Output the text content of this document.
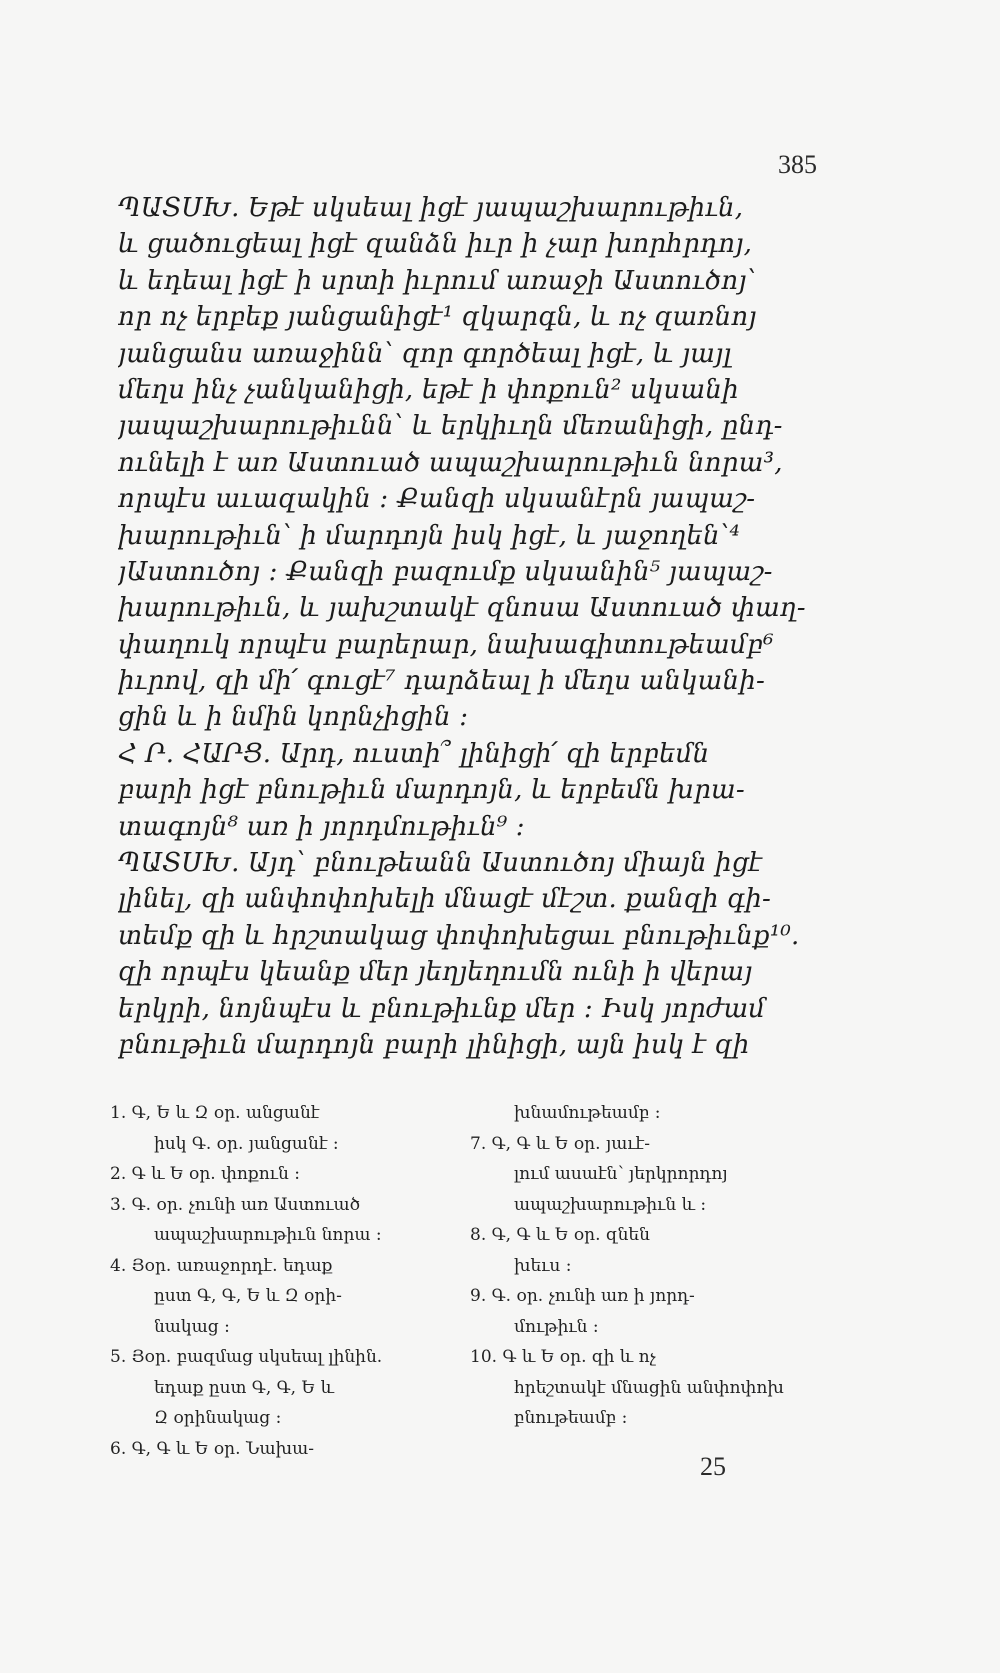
385
ՊԱՏՍԽ. Եթէ սկսեալ իցէ յապաշխարութիւն,
և ցածուցեալ իցէ զանձն իւր ի չար խորհրդոյ,
և եդեալ իցէ ի սրտի իւրում առաջի Աստուծոյ՝
որ ոչ երբեք յանցանիցէ¹ զկարգն, և ոչ զառնոյ
յանցանս առաջինն՝ զոր գործեալ իցէ, և յայլ
մեղս ինչ չանկանիցի, եթէ ի փոքուն² սկսանի
յապաշխարութիւնն՝ և երկիւղն մեռանիցի, ընդ-
ունելի է առ Աստուած ապաշխարութիւն նորա³,
որպէս աւազակին ։ Քանզի սկսանէրն յապաշ-
խարութիւն՝ ի մարդոյն իսկ իցէ, և յաջողեն՝⁴
յԱստուծոյ ։ Քանզի բազումք սկսանին⁵ յապաշ-
խարութիւն, և յախշտակէ զնոսա Աստուած փաղ-
փաղուկ որպէս բարերար, նախագիտութեամբ⁶
իւրով, զի մի՛ գուցէ⁷ դարձեալ ի մեղս անկանի-
ցին և ի նմին կորնչիցին ։
Հ Ր. ՀԱՐՑ. Արդ, ուստի՞ լինիցի՛ զի երբեմն
բարի իցէ բնութիւն մարդոյն, և երբեմն խրա-
տագոյն⁸ առ ի յորդմութիւն⁹ ։
ՊԱՏՍԽ. Այդ՝ բնութեանն Աստուծոյ միայն իցէ
լինել, զի անփոփոխելի մնացէ մէշտ. քանզի գի-
տեմք զի և հրշտակաց փոփոխեցաւ բնութիւնք¹⁰.
զի որպէս կեանք մեր յեղյեղումն ունի ի վերայ
երկրի, նոյնպէս և բնութիւնք մեր ։ Իսկ յորժամ
բնութիւն մարդոյն բարի լինիցի, այն իսկ է զի
1. Գ, Ե և Զ օր. անցանէ
իսկ Գ. օր. յանցանէ ։
2. Գ և Ե օր. փոքուն ։
3. Գ. օր. չունի առ Աստուած
ապաշխարութիւն նորա ։
4. Յօր. առաջորդէ. եդաք
ըստ Գ, Գ, Ե և Զ օրի-
նակաց ։
5. Յօր. բազմաց սկսեալ լինին.
եդաք ըստ Գ, Գ, Ե և
Զ օրինակաց ։
6. Գ, Գ և Ե օր. Նախա-
խնամութեամբ ։
7. Գ, Գ և Ե օր. յաւէ-
լում ասաէն՝ յերկրորդոյ
ապաշխարութիւն և ։
8. Գ, Գ և Ե օր. զնեն
խեւս ։
9. Գ. օր. չունի առ ի յորդ-
մութիւն ։
10. Գ և Ե օր. զի և ոչ
հրեշտակէ մնացին անփոփոխ
բնութեամբ ։
25
